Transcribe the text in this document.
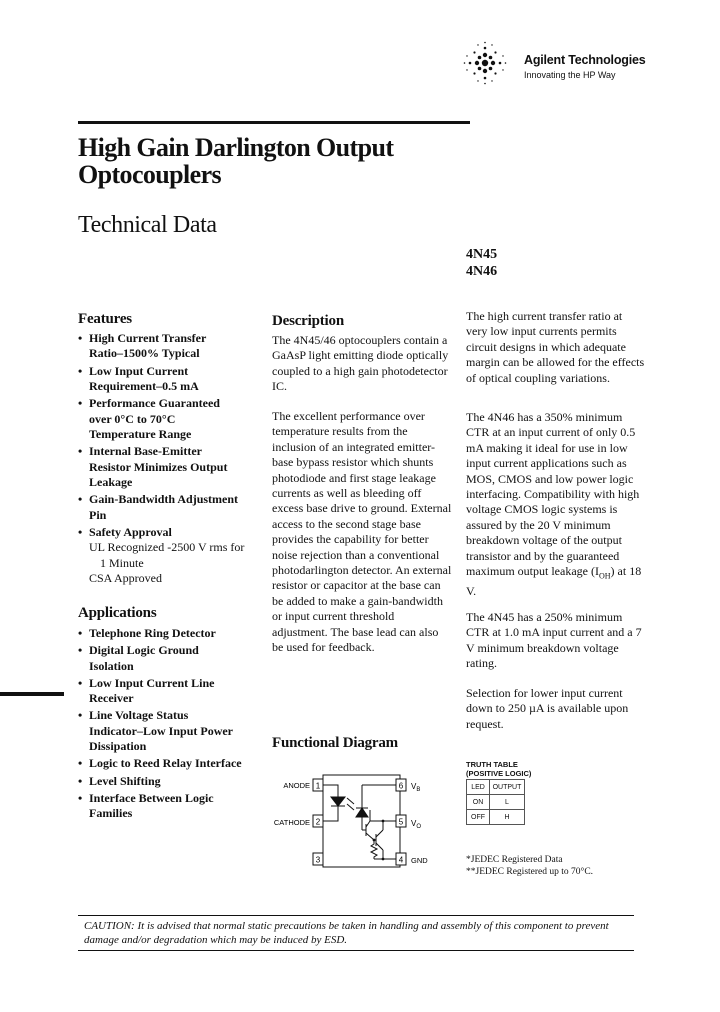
Agilent Technologies
Innovating the HP Way
High Gain Darlington Output
Optocouplers
Technical Data
4N45
4N46
Features
• High Current Transfer
Ratio–1500% Typical
• Low Input Current
Requirement–0.5 mA
• Performance Guaranteed
over 0°C to 70°C
Temperature Range
• Internal Base-Emitter
Resistor Minimizes Output
Leakage
• Gain-Bandwidth Adjustment
Pin
• Safety Approval
UL Recognized -2500 V rms for
1 Minute
CSA Approved
Applications
• Telephone Ring Detector
• Digital Logic Ground
Isolation
• Low Input Current Line
Receiver
• Line Voltage Status
Indicator–Low Input Power
Dissipation
• Logic to Reed Relay Interface
• Level Shifting
• Interface Between Logic
Families
Description

The 4N45/46 optocouplers contain a GaAsP light emitting diode optically coupled to a high gain photodetector IC.

The excellent performance over temperature results from the inclusion of an integrated emitter-base bypass resistor which shunts photodiode and first stage leakage currents as well as bleeding off excess base drive to ground. External access to the second stage base provides the capability for better noise rejection than a conventional photodarlington detector. An external resistor or capacitor at the base can be added to make a gain-bandwidth or input current threshold adjustment. The base lead can also be used for feedback.

The high current transfer ratio at very low input currents permits circuit designs in which adequate margin can be allowed for the effects of optical coupling variations.

The 4N46 has a 350% minimum CTR at an input current of only 0.5 mA making it ideal for use in low input current applications such as MOS, CMOS and low power logic interfacing. Compatibility with high voltage CMOS logic systems is assured by the 20 V minimum breakdown voltage of the output transistor and by the guaranteed maximum output leakage $(I_{OH})$ at 18 V.

The 4N45 has a 250% minimum CTR at 1.0 mA input current and a 7 V minimum breakdown voltage rating.

Selection for lower input current down to 250 µA is available upon request.

Functional Diagram
1
2
3
6
5
4
ANODE
CATHODE
GND
$V_O$
$V_B$
TRUTH TABLE
(POSITIVE LOGIC)
LED	OUTPUT
ON	L
OFF	H
*JEDEC Registered Data
**JEDEC Registered up to 70°C.
CAUTION: It is advised that normal static precautions be taken in handling and assembly of this component to prevent damage and/or degradation which may be induced by ESD.
